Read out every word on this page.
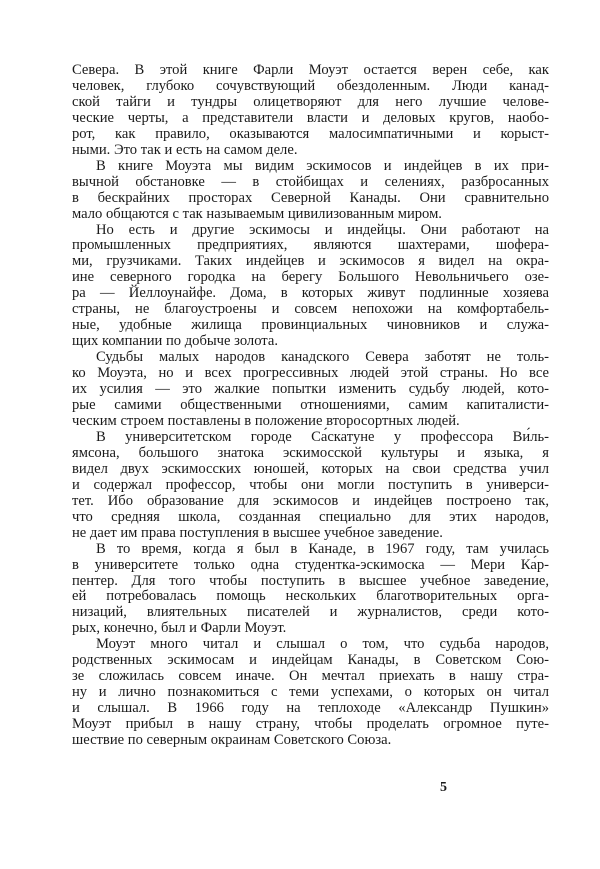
Севера. В этой книге Фарли Моуэт остается верен себе, как
человек, глубоко сочувствующий обездоленным. Люди канад-
ской тайги и тундры олицетворяют для него лучшие челове-
ческие черты, а представители власти и деловых кругов, наобо-
рот, как правило, оказываются малосимпатичными и корыст-
ными. Это так и есть на самом деле.
В книге Моуэта мы видим эскимосов и индейцев в их при-
вычной обстановке — в стойбищах и селениях, разбросанных
в бескрайних просторах Северной Канады. Они сравнительно
мало общаются с так называемым цивилизованным миром.
Но есть и другие эскимосы и индейцы. Они работают на
промышленных предприятиях, являются шахтерами, шофера-
ми, грузчиками. Таких индейцев и эскимосов я видел на окра-
ине северного городка на берегу Большого Невольничьего озе-
ра — Йеллоунайфе. Дома, в которых живут подлинные хозяева
страны, не благоустроены и совсем непохожи на комфортабель-
ные, удобные жилища провинциальных чиновников и служа-
щих компании по добыче золота.
Судьбы малых народов канадского Севера заботят не толь-
ко Моуэта, но и всех прогрессивных людей этой страны. Но все
их усилия — это жалкие попытки изменить судьбу людей, кото-
рые самими общественными отношениями, самим капиталисти-
ческим строем поставлены в положение второсортных людей.
В университетском городе Са́скатуне у профессора Ви́ль-
ямсона, большого знатока эскимосской культуры и языка, я
видел двух эскимосских юношей, которых на свои средства учил
и содержал профессор, чтобы они могли поступить в универси-
тет. Ибо образование для эскимосов и индейцев построено так,
что средняя школа, созданная специально для этих народов,
не дает им права поступления в высшее учебное заведение.
В то время, когда я был в Канаде, в 1967 году, там училась
в университете только одна студентка-эскимоска — Мери Ка́р-
пентер. Для того чтобы поступить в высшее учебное заведение,
ей потребовалась помощь нескольких благотворительных орга-
низаций, влиятельных писателей и журналистов, среди кото-
рых, конечно, был и Фарли Моуэт.
Моуэт много читал и слышал о том, что судьба народов,
родственных эскимосам и индейцам Канады, в Советском Сою-
зе сложилась совсем иначе. Он мечтал приехать в нашу стра-
ну и лично познакомиться с теми успехами, о которых он читал
и слышал. В 1966 году на теплоходе «Александр Пушкин»
Моуэт прибыл в нашу страну, чтобы проделать огромное путе-
шествие по северным окраинам Советского Союза.
5
